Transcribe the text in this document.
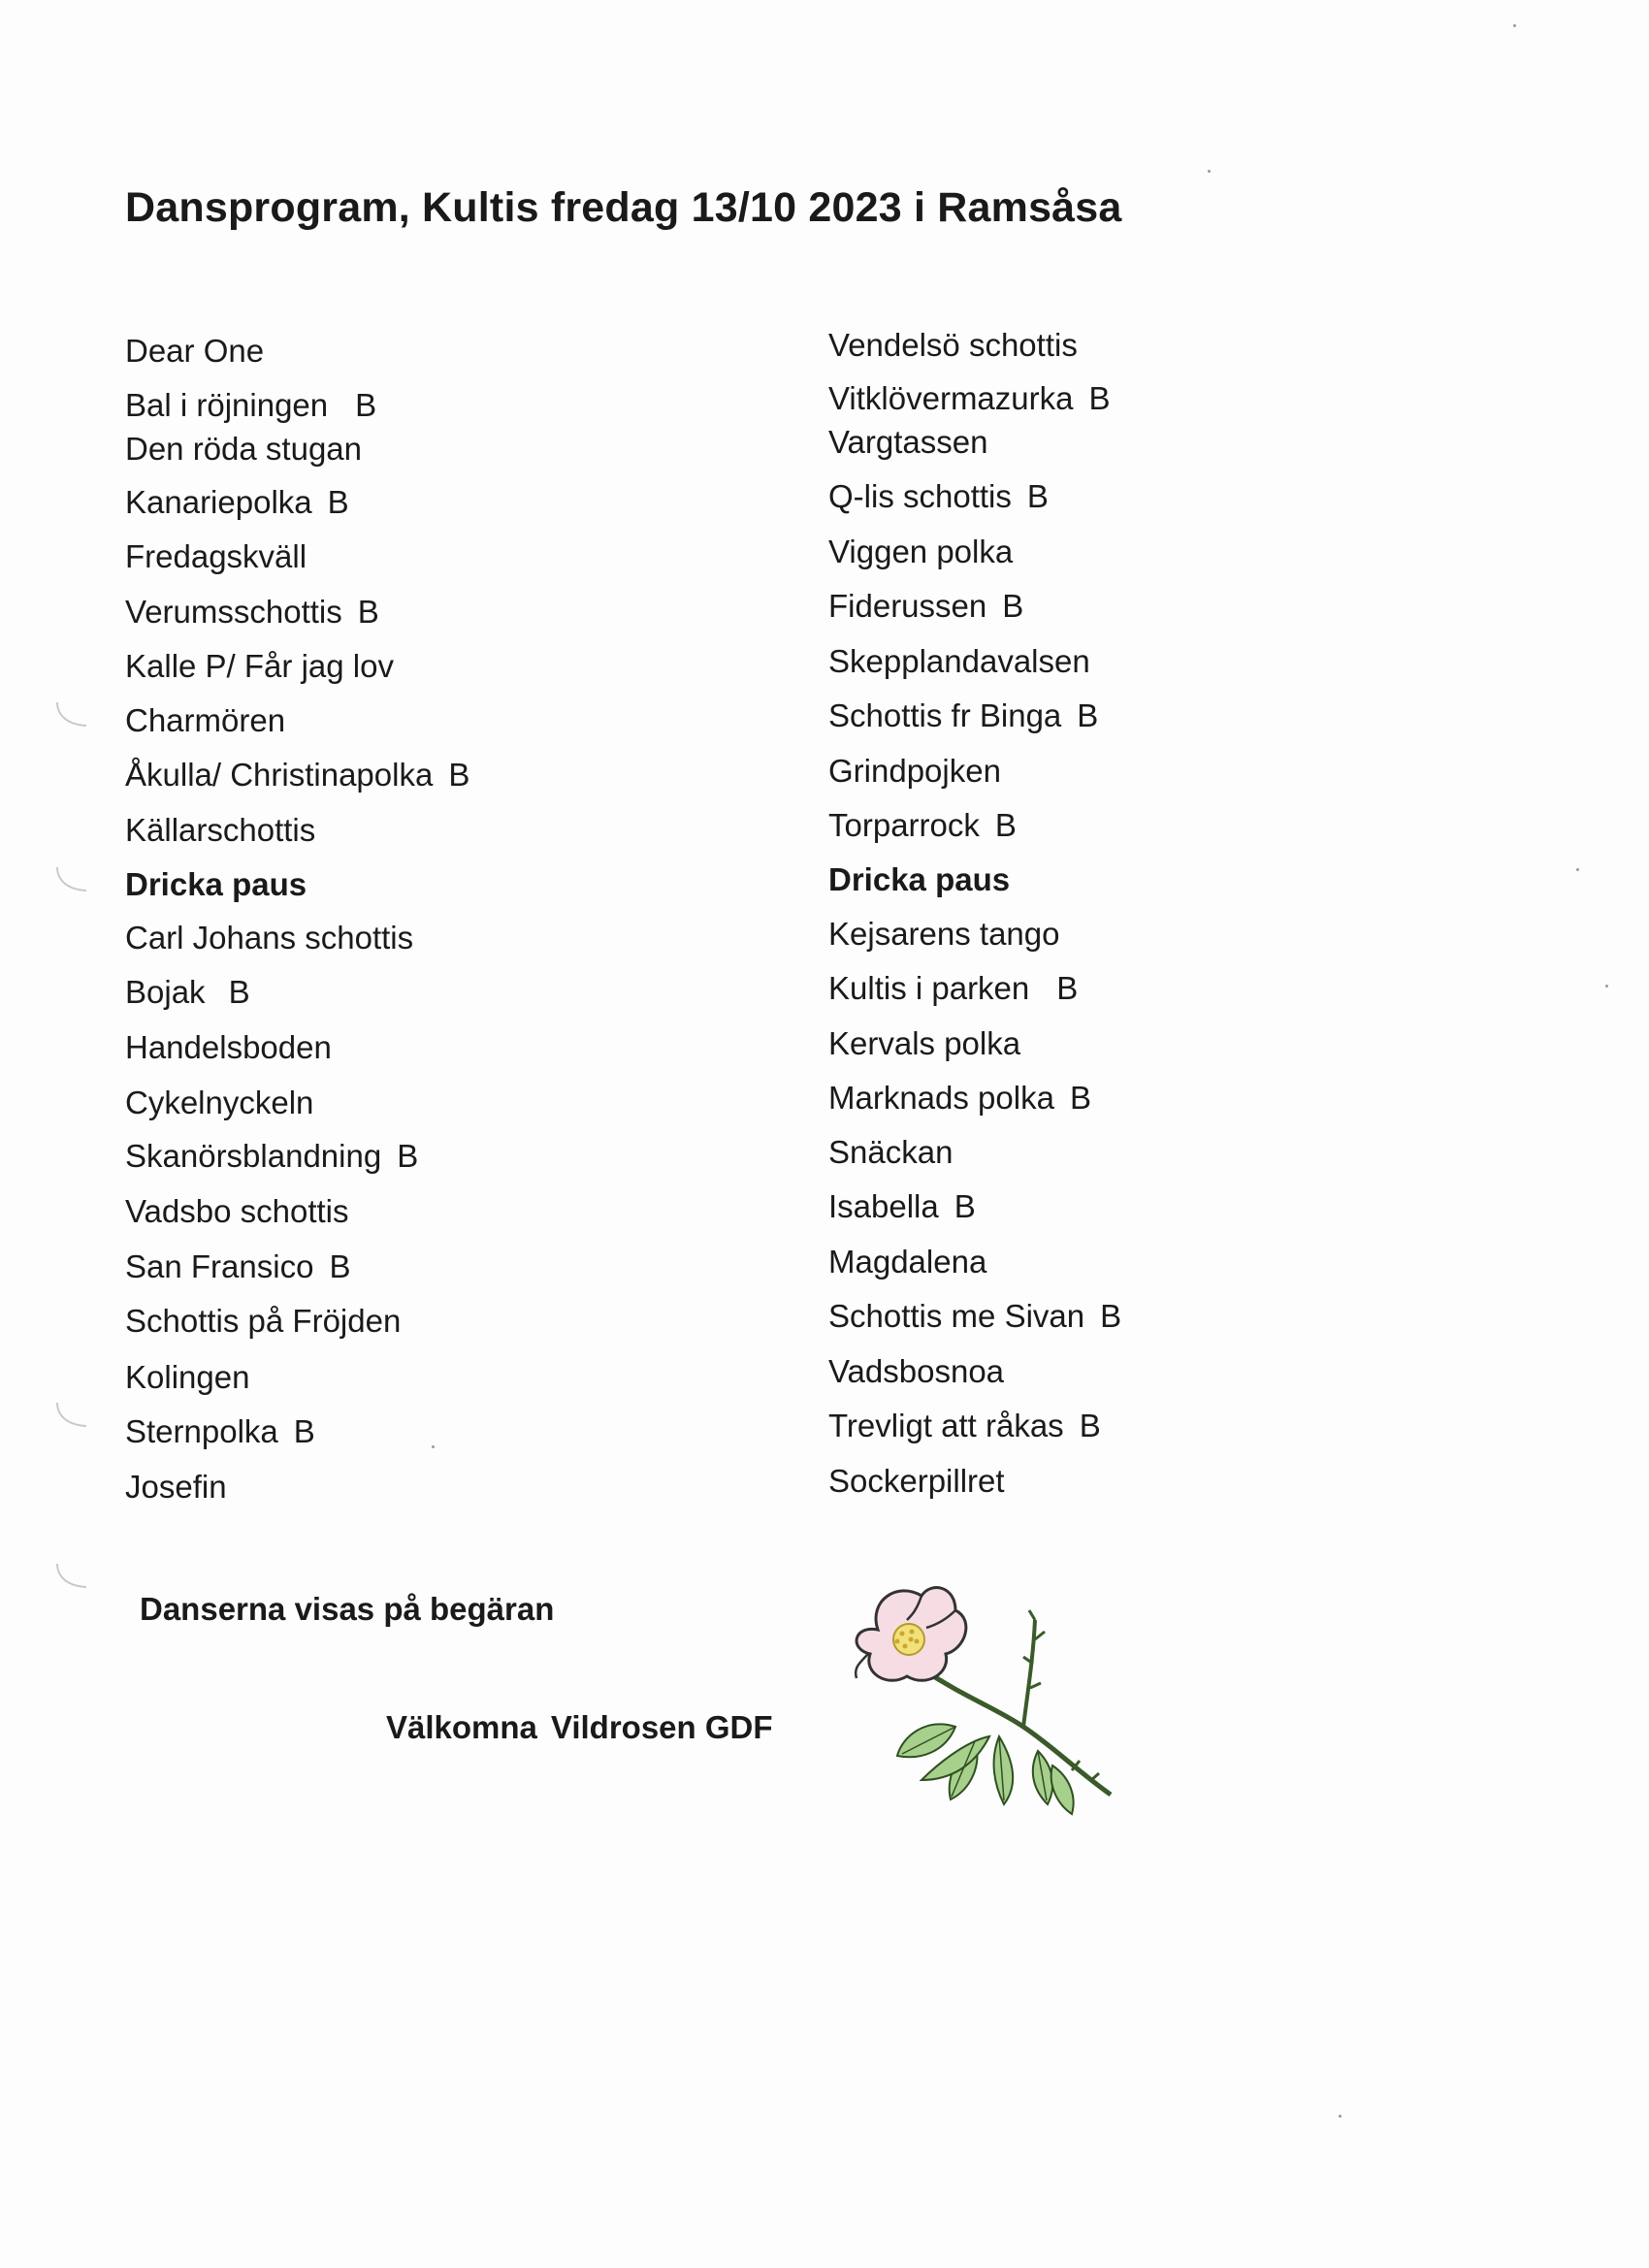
Dansprogram, Kultis fredag 13/10 2023 i Ramsåsa
Dear One
Bal i röjningen B
Den röda stugan
Kanariepolka B
Fredagskväll
Verumsschottis B
Kalle P/ Får jag lov
Charmören
Åkulla/ Christinapolka B
Källarschottis
Dricka paus
Carl Johans schottis
Bojak B
Handelsboden
Cykelnyckeln
Skanörsblandning B
Vadsbo schottis
San Fransico B
Schottis på Fröjden
Kolingen
Sternpolka B
Josefin
Vendelsö schottis
Vitklövermazurka B
Vargtassen
Q-lis schottis B
Viggen polka
Fiderussen B
Skepplandavalsen
Schottis fr Binga B
Grindpojken
Torparrock B
Dricka paus
Kejsarens tango
Kultis i parken B
Kervals polka
Marknads polka B
Snäckan
Isabella B
Magdalena
Schottis me Sivan B
Vadsbosnoa
Trevligt att råkas B
Sockerpillret
Danserna visas på begäran
Välkomna Vildrosen GDF
